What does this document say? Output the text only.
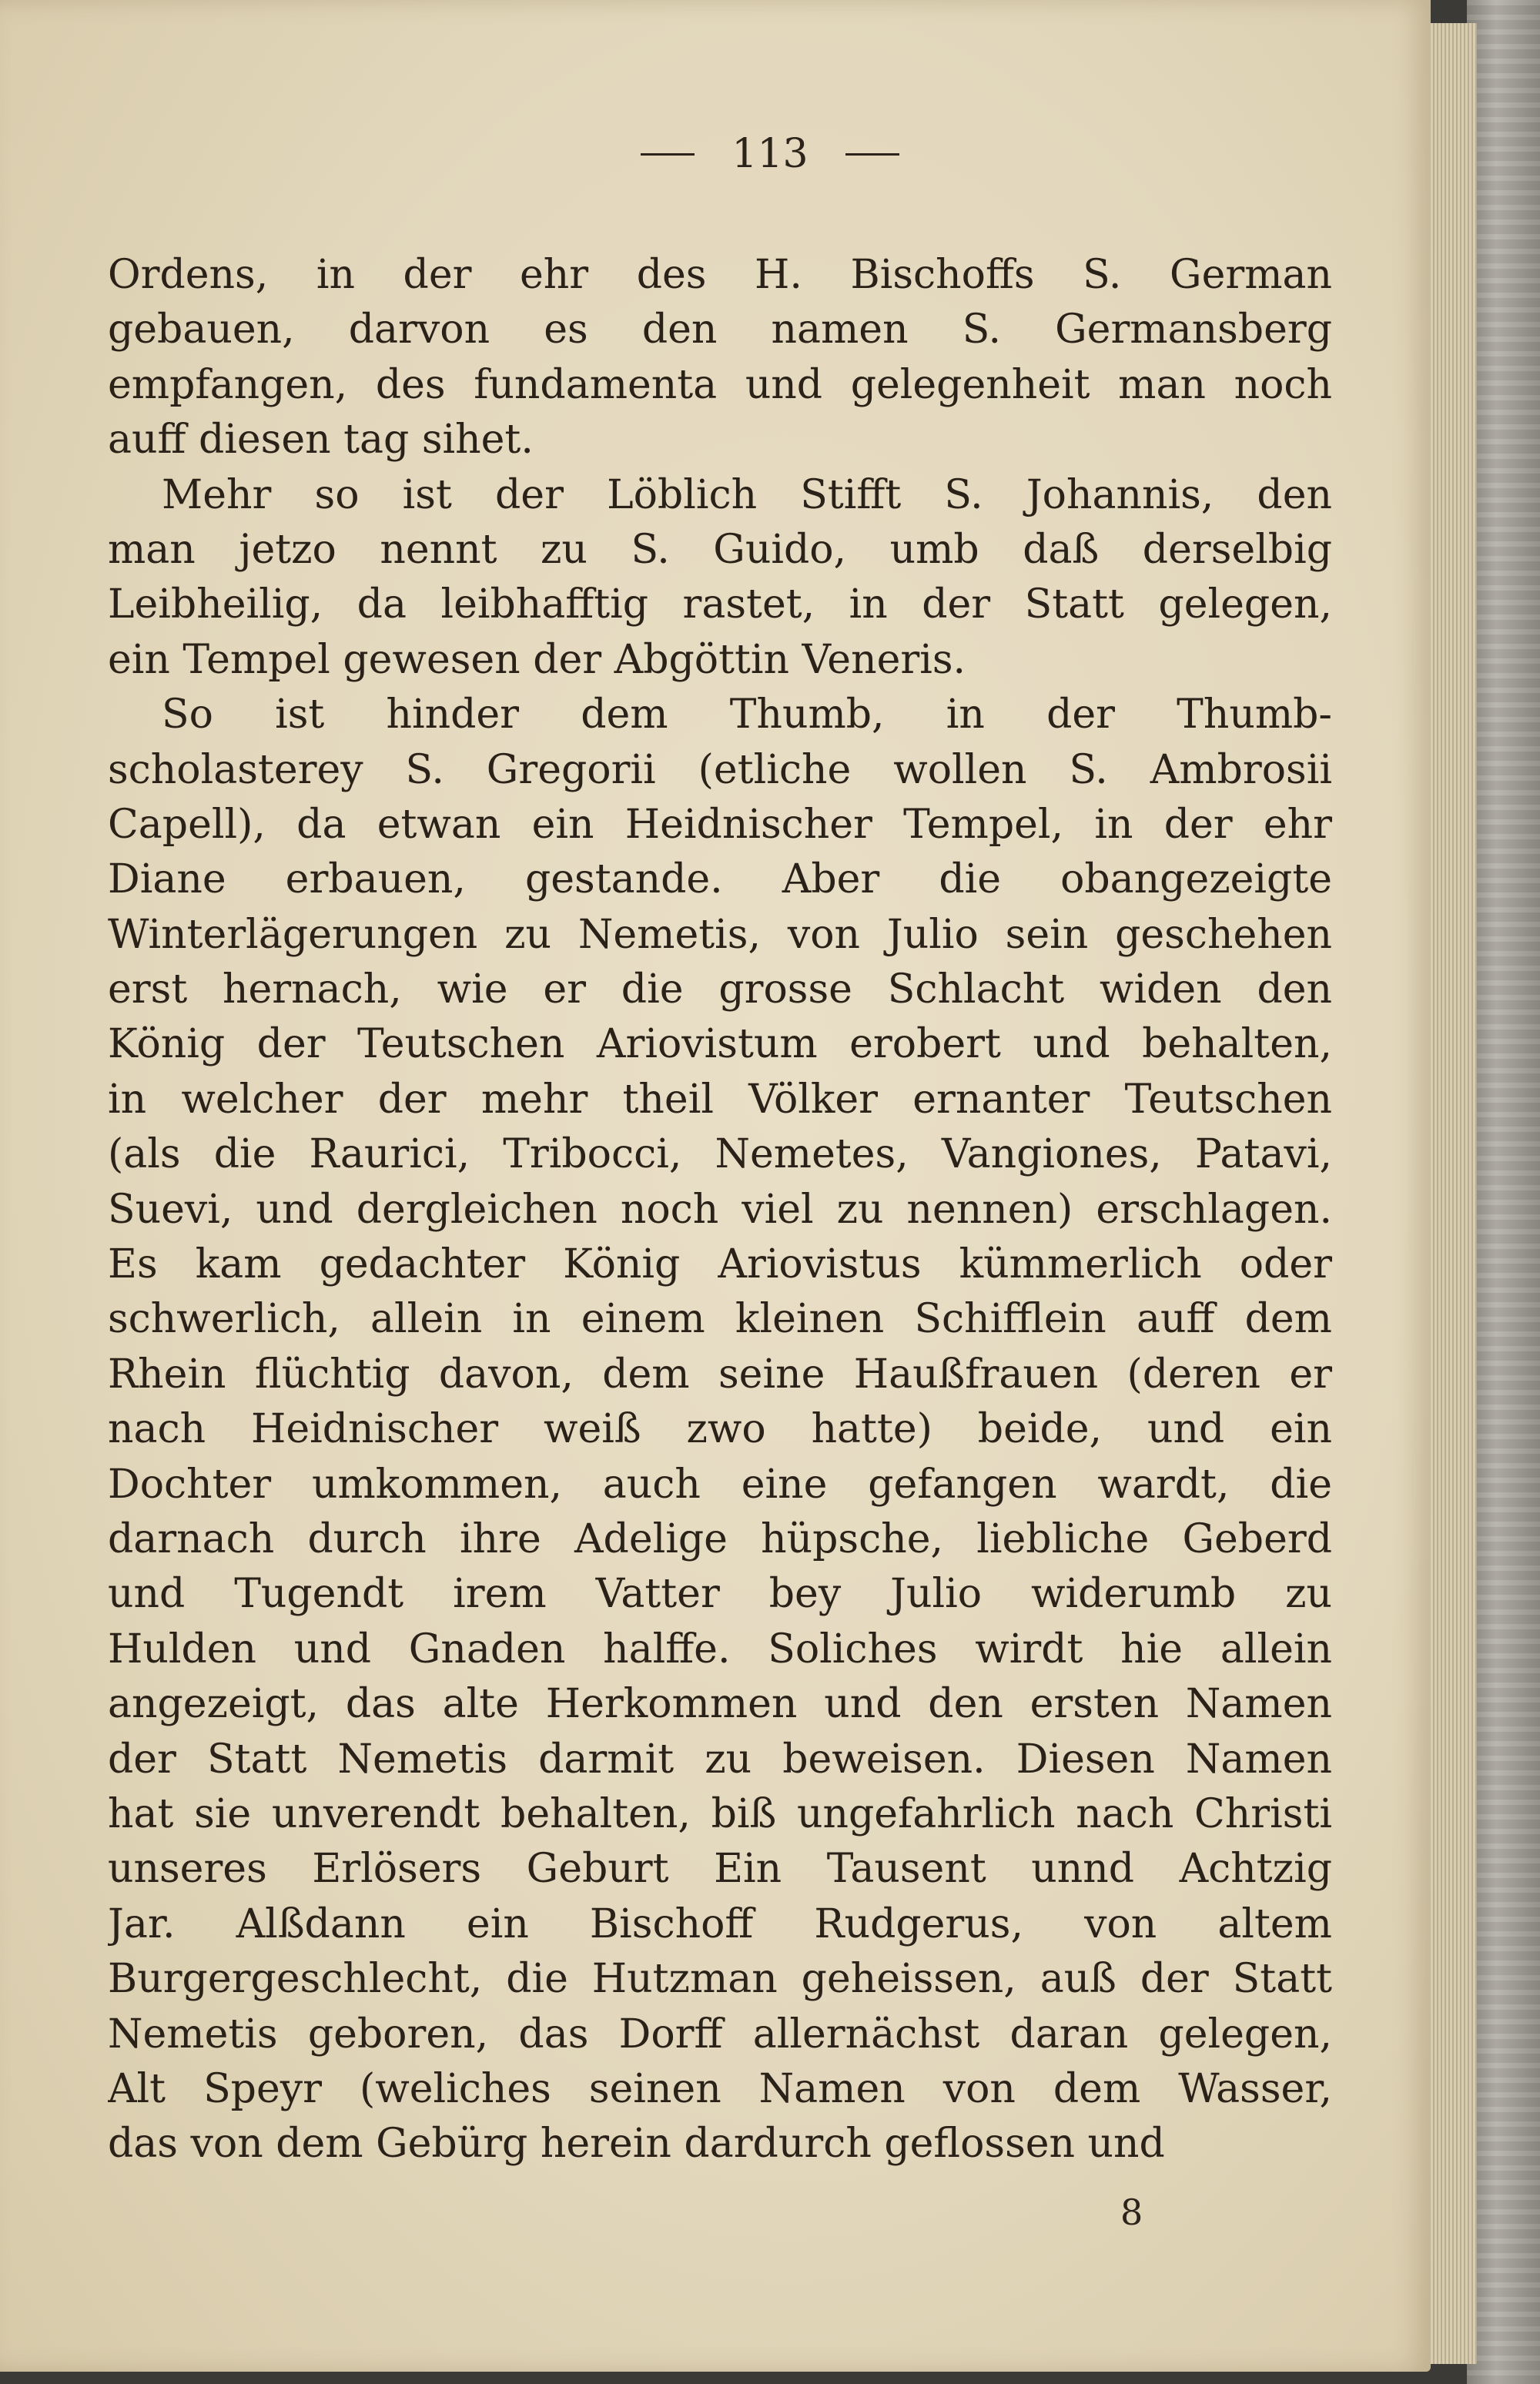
113
Ordens, in der ehr des H. Bischoffs S. German
gebauen, darvon es den namen S. Germansberg
empfangen, des fundamenta und gelegenheit man noch
auff diesen tag sihet.
Mehr so ist der Löblich Stifft S. Johannis, den
man jetzo nennt zu S. Guido, umb daß derselbig
Leibheilig, da leibhafftig rastet, in der Statt gelegen,
ein Tempel gewesen der Abgöttin Veneris.
So ist hinder dem Thumb, in der Thumb-
scholasterey S. Gregorii (etliche wollen S. Ambrosii
Capell), da etwan ein Heidnischer Tempel, in der ehr
Diane erbauen, gestande. Aber die obangezeigte
Winterlägerungen zu Nemetis, von Julio sein geschehen
erst hernach, wie er die grosse Schlacht widen den
König der Teutschen Ariovistum erobert und behalten,
in welcher der mehr theil Völker ernanter Teutschen
(als die Raurici, Tribocci, Nemetes, Vangiones, Patavi,
Suevi, und dergleichen noch viel zu nennen) erschlagen.
Es kam gedachter König Ariovistus kümmerlich oder
schwerlich, allein in einem kleinen Schifflein auff dem
Rhein flüchtig davon, dem seine Haußfrauen (deren er
nach Heidnischer weiß zwo hatte) beide, und ein
Dochter umkommen, auch eine gefangen wardt, die
darnach durch ihre Adelige hüpsche, liebliche Geberd
und Tugendt irem Vatter bey Julio widerumb zu
Hulden und Gnaden halffe. Soliches wirdt hie allein
angezeigt, das alte Herkommen und den ersten Namen
der Statt Nemetis darmit zu beweisen. Diesen Namen
hat sie unverendt behalten, biß ungefahrlich nach Christi
unseres Erlösers Geburt Ein Tausent unnd Achtzig
Jar. Alßdann ein Bischoff Rudgerus, von altem
Burgergeschlecht, die Hutzman geheissen, auß der Statt
Nemetis geboren, das Dorff allernächst daran gelegen,
Alt Speyr (weliches seinen Namen von dem Wasser,
das von dem Gebürg herein dardurch geflossen und
8
